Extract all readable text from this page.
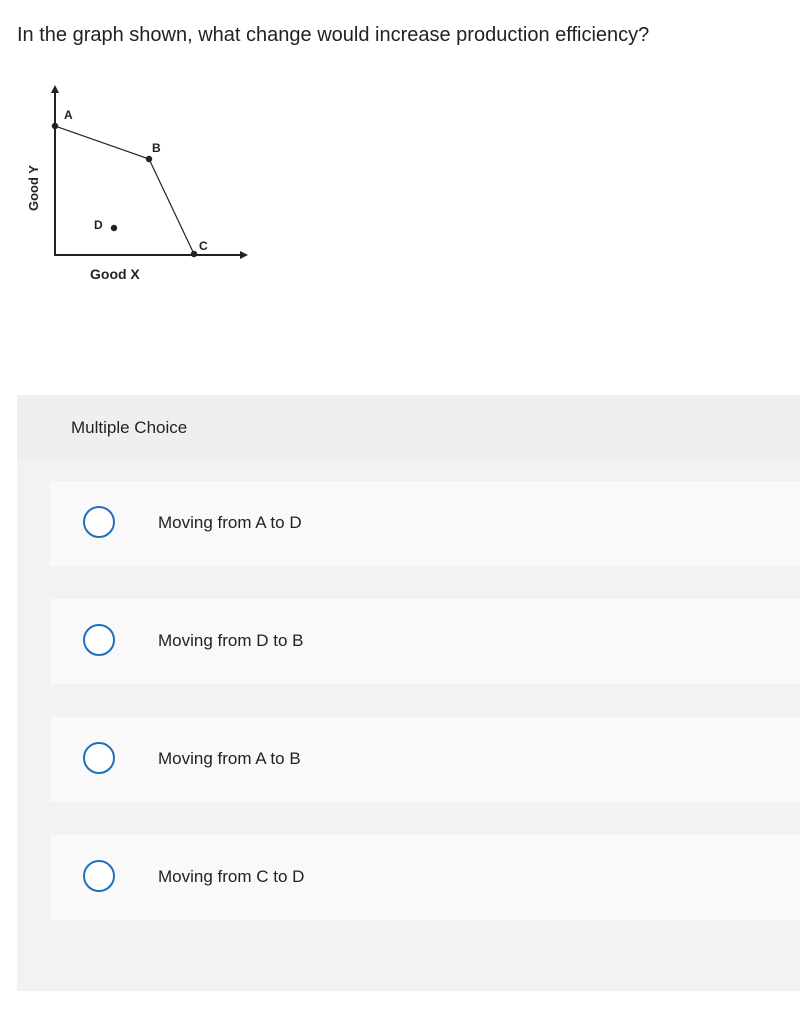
In the graph shown, what change would increase production efficiency?
A
B
C
D
Good X
Good Y
Multiple Choice
Moving from A to D
Moving from D to B
Moving from A to B
Moving from C to D
